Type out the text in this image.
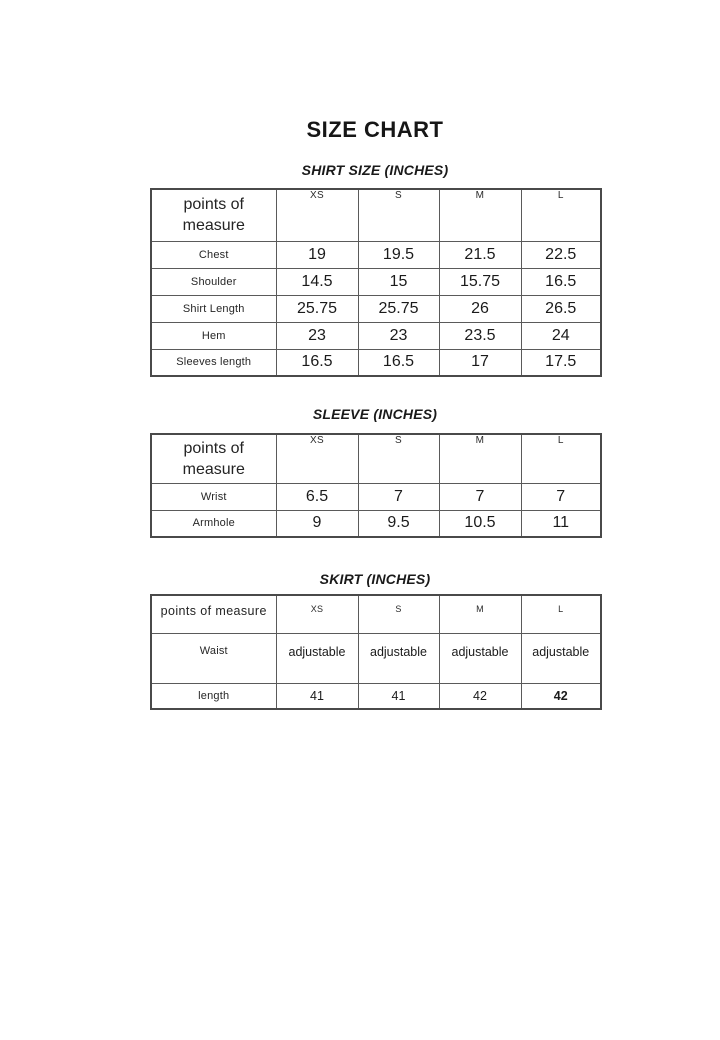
SIZE CHART
SHIRT SIZE (INCHES)
points of measure	XS	S	M	L
Chest	19	19.5	21.5	22.5
Shoulder	14.5	15	15.75	16.5
Shirt Length	25.75	25.75	26	26.5
Hem	23	23	23.5	24
Sleeves length	16.5	16.5	17	17.5
SLEEVE (INCHES)
points of measure	XS	S	M	L
Wrist	6.5	7	7	7
Armhole	9	9.5	10.5	11
SKIRT (INCHES)
points of measure	XS	S	M	L
Waist	adjustable	adjustable	adjustable	adjustable
length	41	41	42	42
